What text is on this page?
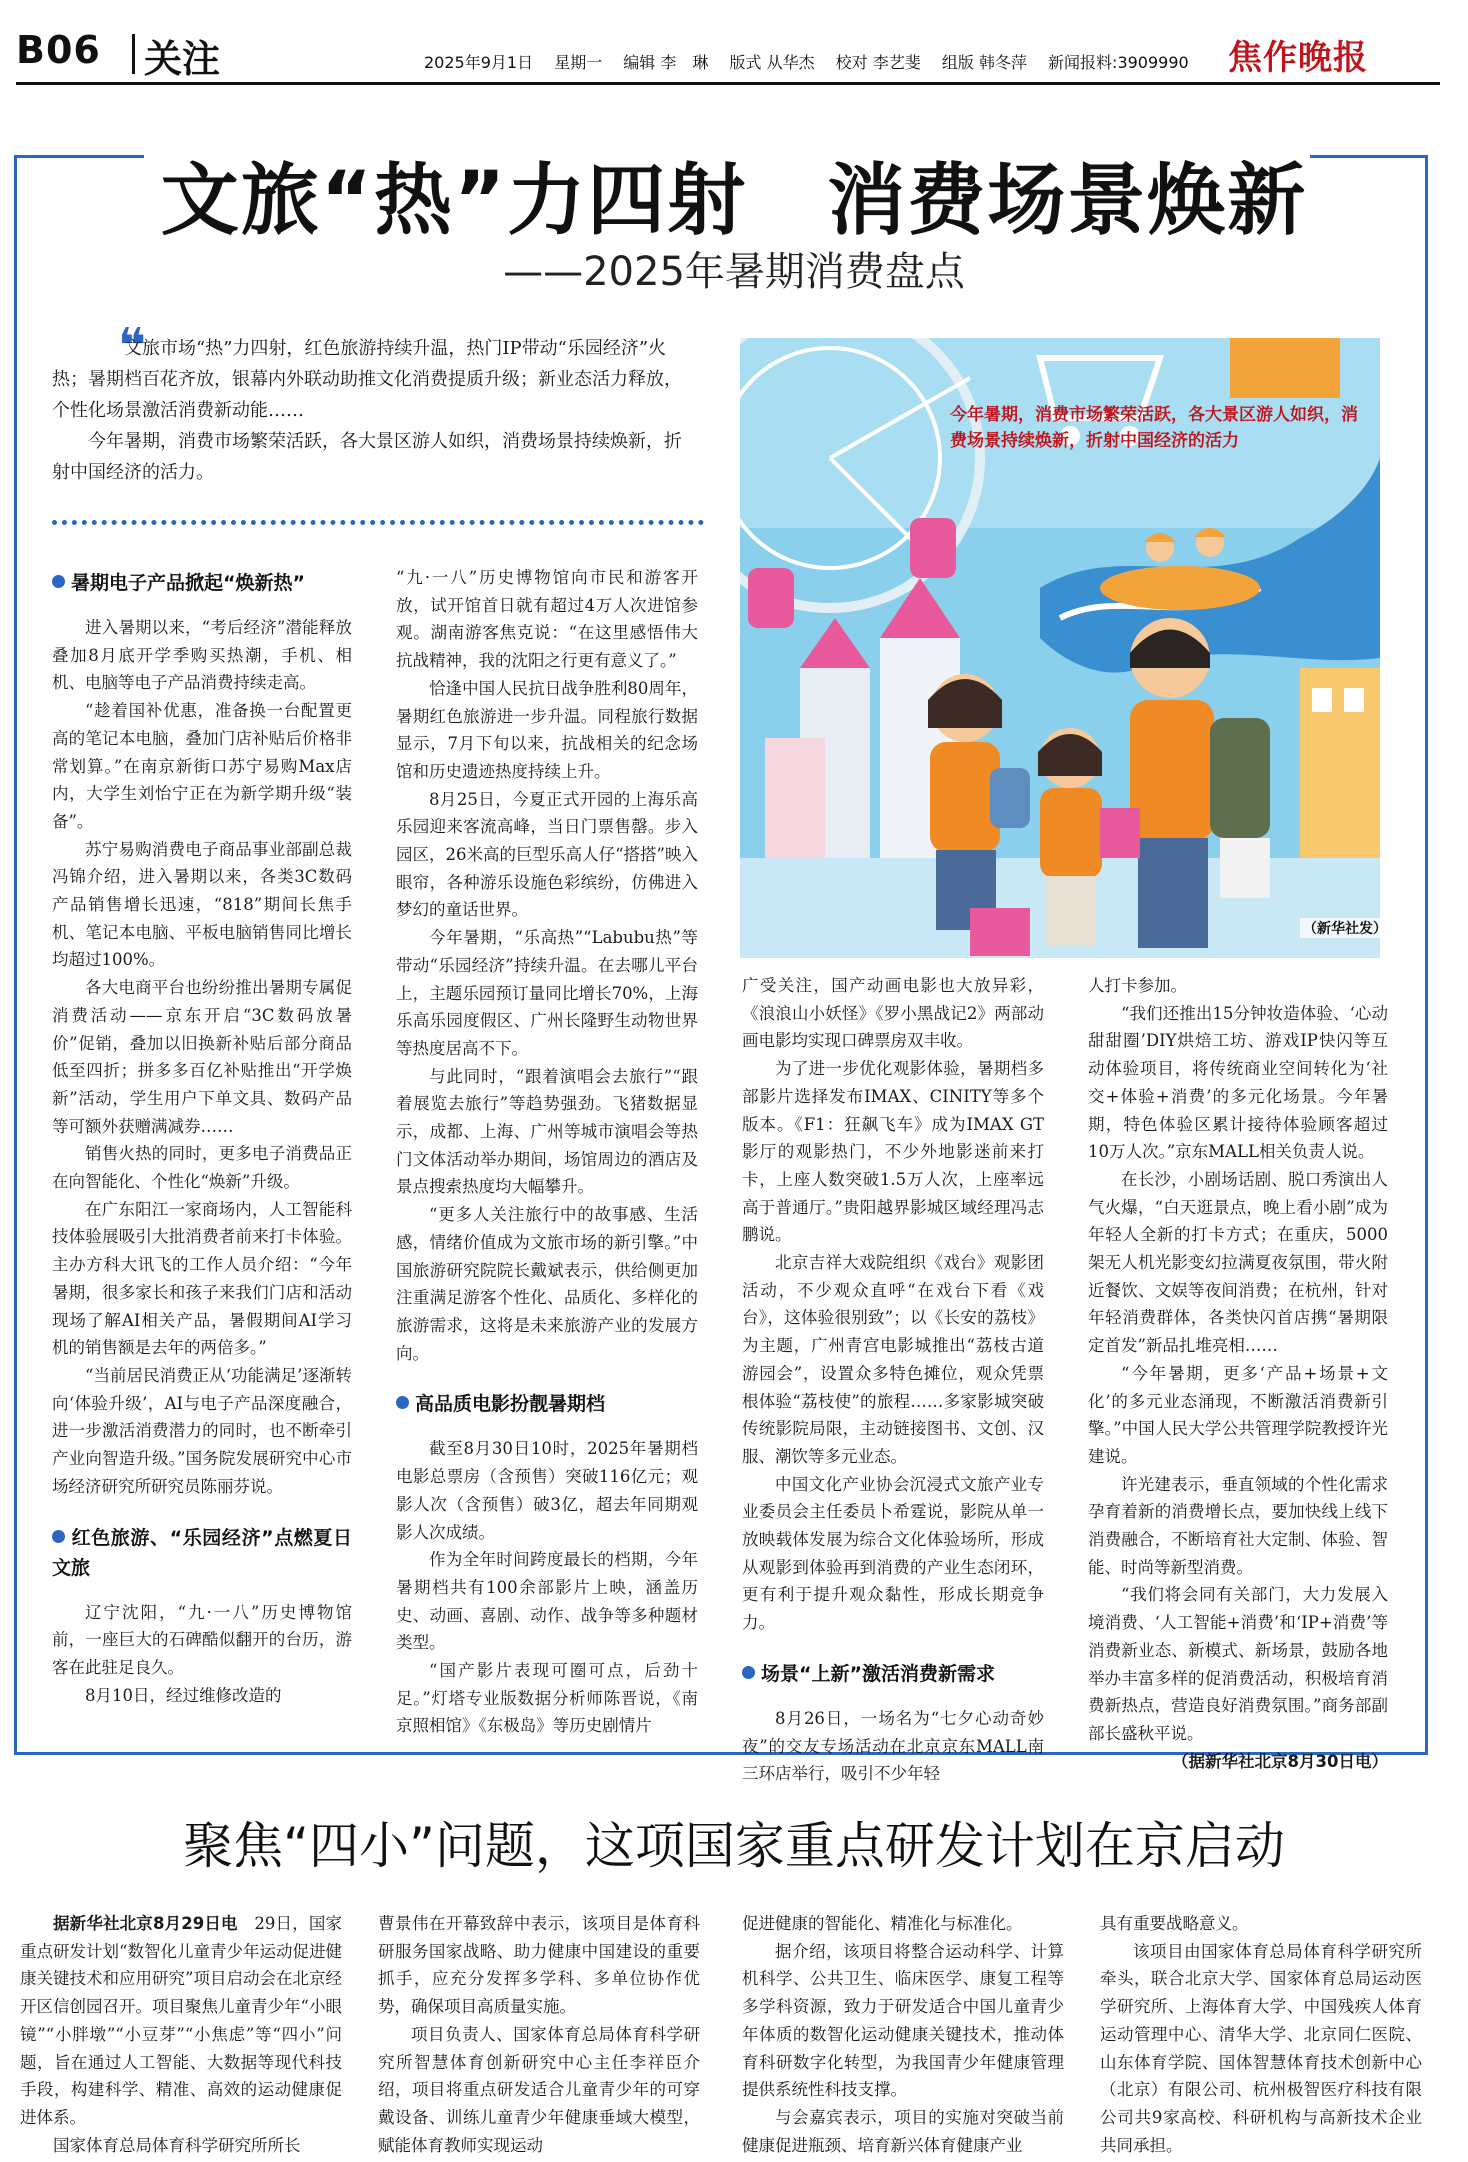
B06 关注	2025年9月1日 星期一 编辑 李　琳 版式 从华杰 校对 李艺斐 组版 韩冬萍 新闻报料:3909990	焦作晚报
文旅“热”力四射　消费场景焕新
——2025年暑期消费盘点
❝

文旅市场“热”力四射，红色旅游持续升温，热门IP带动“乐园经济”火热；暑期档百花齐放，银幕内外联动助推文化消费提质升级；新业态活力释放，个性化场景激活消费新动能……

今年暑期，消费市场繁荣活跃，各大景区游人如织，消费场景持续焕新，折射中国经济的活力。

今年暑期，消费市场繁荣活跃，各大景区游人如织，消费场景持续焕新，折射中国经济的活力
（新华社发）
暑期电子产品掀起“焕新热”

进入暑期以来，“考后经济”潜能释放叠加8月底开学季购买热潮，手机、相机、电脑等电子产品消费持续走高。

“趁着国补优惠，准备换一台配置更高的笔记本电脑，叠加门店补贴后价格非常划算。”在南京新街口苏宁易购Max店内，大学生刘怡宁正在为新学期升级“装备”。

苏宁易购消费电子商品事业部副总裁冯锦介绍，进入暑期以来，各类3C数码产品销售增长迅速，“818”期间长焦手机、笔记本电脑、平板电脑销售同比增长均超过100%。

各大电商平台也纷纷推出暑期专属促消费活动——京东开启“3C数码放暑价”促销，叠加以旧换新补贴后部分商品低至四折；拼多多百亿补贴推出“开学焕新”活动，学生用户下单文具、数码产品等可额外获赠满减券……

销售火热的同时，更多电子消费品正在向智能化、个性化“焕新”升级。

在广东阳江一家商场内，人工智能科技体验展吸引大批消费者前来打卡体验。主办方科大讯飞的工作人员介绍：“今年暑期，很多家长和孩子来我们门店和活动现场了解AI相关产品，暑假期间AI学习机的销售额是去年的两倍多。”

“当前居民消费正从‘功能满足’逐渐转向‘体验升级’，AI与电子产品深度融合，进一步激活消费潜力的同时，也不断牵引产业向智造升级。”国务院发展研究中心市场经济研究所研究员陈丽芬说。

红色旅游、“乐园经济”点燃夏日文旅

辽宁沈阳，“九·一八”历史博物馆前，一座巨大的石碑酷似翻开的台历，游客在此驻足良久。

8月10日，经过维修改造的

“九·一八”历史博物馆向市民和游客开放，试开馆首日就有超过4万人次进馆参观。湖南游客焦克说：“在这里感悟伟大抗战精神，我的沈阳之行更有意义了。”

恰逢中国人民抗日战争胜利80周年，暑期红色旅游进一步升温。同程旅行数据显示，7月下旬以来，抗战相关的纪念场馆和历史遗迹热度持续上升。

8月25日，今夏正式开园的上海乐高乐园迎来客流高峰，当日门票售罄。步入园区，26米高的巨型乐高人仔“搭搭”映入眼帘，各种游乐设施色彩缤纷，仿佛进入梦幻的童话世界。

今年暑期，“乐高热”“Labubu热”等带动“乐园经济”持续升温。在去哪儿平台上，主题乐园预订量同比增长70%，上海乐高乐园度假区、广州长隆野生动物世界等热度居高不下。

与此同时，“跟着演唱会去旅行”“跟着展览去旅行”等趋势强劲。飞猪数据显示，成都、上海、广州等城市演唱会等热门文体活动举办期间，场馆周边的酒店及景点搜索热度均大幅攀升。

“更多人关注旅行中的故事感、生活感，情绪价值成为文旅市场的新引擎。”中国旅游研究院院长戴斌表示，供给侧更加注重满足游客个性化、品质化、多样化的旅游需求，这将是未来旅游产业的发展方向。

高品质电影扮靓暑期档

截至8月30日10时，2025年暑期档电影总票房（含预售）突破116亿元；观影人次（含预售）破3亿，超去年同期观影人次成绩。

作为全年时间跨度最长的档期，今年暑期档共有100余部影片上映，涵盖历史、动画、喜剧、动作、战争等多种题材类型。

“国产影片表现可圈可点，后劲十足。”灯塔专业版数据分析师陈晋说，《南京照相馆》《东极岛》等历史剧情片

广受关注，国产动画电影也大放异彩，《浪浪山小妖怪》《罗小黑战记2》两部动画电影均实现口碑票房双丰收。

为了进一步优化观影体验，暑期档多部影片选择发布IMAX、CINITY等多个版本。《F1：狂飙飞车》成为IMAX GT影厅的观影热门，不少外地影迷前来打卡，上座人数突破1.5万人次，上座率远高于普通厅。”贵阳越界影城区域经理冯志鹏说。

北京吉祥大戏院组织《戏台》观影团活动，不少观众直呼“在戏台下看《戏台》，这体验很别致”；以《长安的荔枝》为主题，广州青宫电影城推出“荔枝古道游园会”，设置众多特色摊位，观众凭票根体验“荔枝使”的旅程……多家影城突破传统影院局限，主动链接图书、文创、汉服、潮饮等多元业态。

中国文化产业协会沉浸式文旅产业专业委员会主任委员卜希霆说，影院从单一放映载体发展为综合文化体验场所，形成从观影到体验再到消费的产业生态闭环，更有利于提升观众黏性，形成长期竞争力。

场景“上新”激活消费新需求

8月26日，一场名为“七夕心动奇妙夜”的交友专场活动在北京京东MALL南三环店举行，吸引不少年轻

人打卡参加。

“我们还推出15分钟妆造体验、‘心动甜甜圈’DIY烘焙工坊、游戏IP快闪等互动体验项目，将传统商业空间转化为‘社交+体验+消费’的多元化场景。今年暑期，特色体验区累计接待体验顾客超过10万人次。”京东MALL相关负责人说。

在长沙，小剧场话剧、脱口秀演出人气火爆，“白天逛景点，晚上看小剧”成为年轻人全新的打卡方式；在重庆，5000架无人机光影变幻拉满夏夜氛围，带火附近餐饮、文娱等夜间消费；在杭州，针对年轻消费群体，各类快闪首店携“暑期限定首发”新品扎堆亮相……

“今年暑期，更多‘产品+场景+文化’的多元业态涌现，不断激活消费新引擎。”中国人民大学公共管理学院教授许光建说。

许光建表示，垂直领域的个性化需求孕育着新的消费增长点，要加快线上线下消费融合，不断培育社大定制、体验、智能、时尚等新型消费。

“我们将会同有关部门，大力发展入境消费、‘人工智能+消费’和‘IP+消费’等消费新业态、新模式、新场景，鼓励各地举办丰富多样的促消费活动，积极培育消费新热点，营造良好消费氛围。”商务部副部长盛秋平说。

（据新华社北京8月30日电）

聚焦“四小”问题，这项国家重点研发计划在京启动

据新华社北京8月29日电　 29日，国家重点研发计划“数智化儿童青少年运动促进健康关键技术和应用研究”项目启动会在北京经开区信创园召开。项目聚焦儿童青少年“小眼镜”“小胖墩”“小豆芽”“小焦虑”等“四小”问题，旨在通过人工智能、大数据等现代科技手段，构建科学、精准、高效的运动健康促进体系。

国家体育总局体育科学研究所所长

曹景伟在开幕致辞中表示，该项目是体育科研服务国家战略、助力健康中国建设的重要抓手，应充分发挥多学科、多单位协作优势，确保项目高质量实施。

项目负责人、国家体育总局体育科学研究所智慧体育创新研究中心主任李祥臣介绍，项目将重点研发适合儿童青少年的可穿戴设备、训练儿童青少年健康垂域大模型，赋能体育教师实现运动

促进健康的智能化、精准化与标准化。

据介绍，该项目将整合运动科学、计算机科学、公共卫生、临床医学、康复工程等多学科资源，致力于研发适合中国儿童青少年体质的数智化运动健康关键技术，推动体育科研数字化转型，为我国青少年健康管理提供系统性科技支撑。

与会嘉宾表示，项目的实施对突破当前健康促进瓶颈、培育新兴体育健康产业

具有重要战略意义。

该项目由国家体育总局体育科学研究所牵头，联合北京大学、国家体育总局运动医学研究所、上海体育大学、中国残疾人体育运动管理中心、清华大学、北京同仁医院、山东体育学院、国体智慧体育技术创新中心（北京）有限公司、杭州极智医疗科技有限公司共9家高校、科研机构与高新技术企业共同承担。
